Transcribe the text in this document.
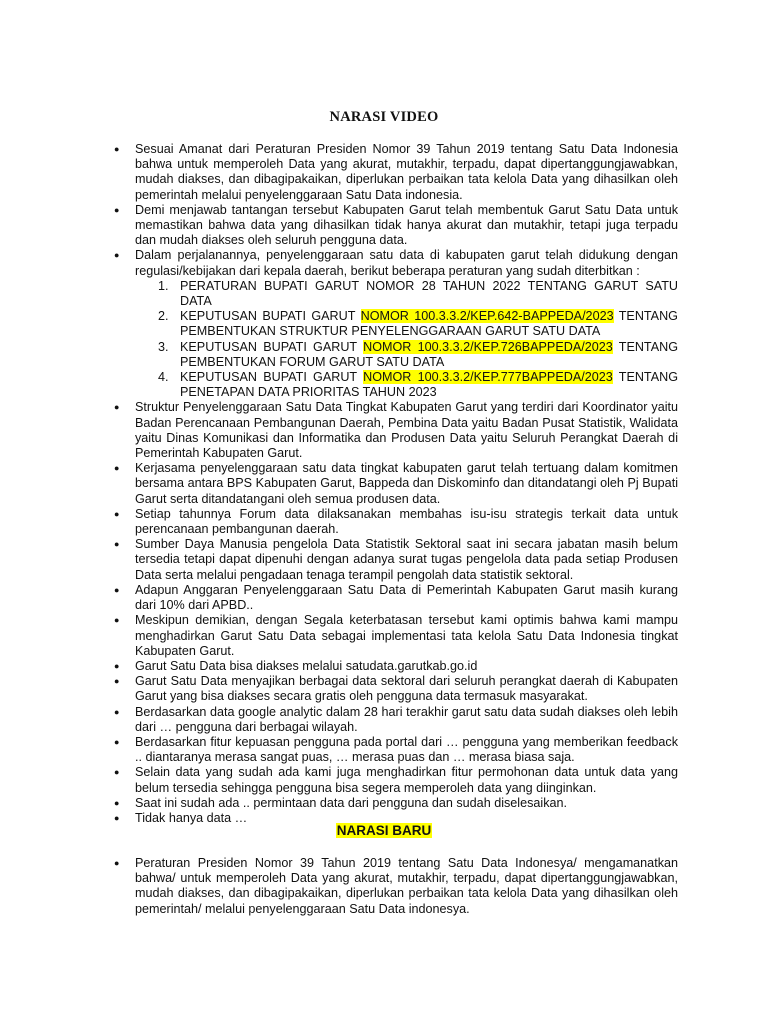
NARASI VIDEO
● Sesuai Amanat dari Peraturan Presiden Nomor 39 Tahun 2019 tentang Satu Data Indonesia bahwa untuk memperoleh Data yang akurat, mutakhir, terpadu, dapat dipertanggungjawabkan, mudah diakses, dan dibagipakaikan, diperlukan perbaikan tata kelola Data yang dihasilkan oleh pemerintah melalui penyelenggaraan Satu Data indonesia.
● Demi menjawab tantangan tersebut Kabupaten Garut telah membentuk Garut Satu Data untuk memastikan bahwa data yang dihasilkan tidak hanya akurat dan mutakhir, tetapi juga terpadu dan mudah diakses oleh seluruh pengguna data.
● Dalam perjalanannya, penyelenggaraan satu data di kabupaten garut telah didukung dengan regulasi/kebijakan dari kepala daerah, berikut beberapa peraturan yang sudah diterbitkan :
1. PERATURAN BUPATI GARUT NOMOR 28 TAHUN 2022 TENTANG GARUT SATU DATA
2. KEPUTUSAN BUPATI GARUT NOMOR 100.3.3.2/KEP.642-BAPPEDA/2023 TENTANG PEMBENTUKAN STRUKTUR PENYELENGGARAAN GARUT SATU DATA
3. KEPUTUSAN BUPATI GARUT NOMOR 100.3.3.2/KEP.726BAPPEDA/2023 TENTANG PEMBENTUKAN FORUM GARUT SATU DATA
4. KEPUTUSAN BUPATI GARUT NOMOR 100.3.3.2/KEP.777BAPPEDA/2023 TENTANG PENETAPAN DATA PRIORITAS TAHUN 2023
● Struktur Penyelenggaraan Satu Data Tingkat Kabupaten Garut yang terdiri dari Koordinator yaitu Badan Perencanaan Pembangunan Daerah, Pembina Data yaitu Badan Pusat Statistik, Walidata yaitu Dinas Komunikasi dan Informatika dan Produsen Data yaitu Seluruh Perangkat Daerah di Pemerintah Kabupaten Garut.
● Kerjasama penyelenggaraan satu data tingkat kabupaten garut telah tertuang dalam komitmen bersama antara BPS Kabupaten Garut, Bappeda dan Diskominfo dan ditandatangi oleh Pj Bupati Garut serta ditandatangani oleh semua produsen data.
● Setiap tahunnya Forum data dilaksanakan membahas isu-isu strategis terkait data untuk perencanaan pembangunan daerah.
● Sumber Daya Manusia pengelola Data Statistik Sektoral saat ini secara jabatan masih belum tersedia tetapi dapat dipenuhi dengan adanya surat tugas pengelola data pada setiap Produsen Data serta melalui pengadaan tenaga terampil pengolah data statistik sektoral.
● Adapun Anggaran Penyelenggaraan Satu Data di Pemerintah Kabupaten Garut masih kurang dari 10% dari APBD..
● Meskipun demikian, dengan Segala keterbatasan tersebut kami optimis bahwa kami mampu menghadirkan Garut Satu Data sebagai implementasi tata kelola Satu Data Indonesia tingkat Kabupaten Garut.
● Garut Satu Data bisa diakses melalui satudata.garutkab.go.id
● Garut Satu Data menyajikan berbagai data sektoral dari seluruh perangkat daerah di Kabupaten Garut yang bisa diakses secara gratis oleh pengguna data termasuk masyarakat.
● Berdasarkan data google analytic dalam 28 hari terakhir garut satu data sudah diakses oleh lebih dari … pengguna dari berbagai wilayah.
● Berdasarkan fitur kepuasan pengguna pada portal dari … pengguna yang memberikan feedback .. diantaranya merasa sangat puas, … merasa puas dan … merasa biasa saja.
● Selain data yang sudah ada kami juga menghadirkan fitur permohonan data untuk data yang belum tersedia sehingga pengguna bisa segera memperoleh data yang diinginkan.
● Saat ini sudah ada .. permintaan data dari pengguna dan sudah diselesaikan.
● Tidak hanya data …
NARASI BARU
● Peraturan Presiden Nomor 39 Tahun 2019 tentang Satu Data Indonesya/ mengamanatkan bahwa/ untuk memperoleh Data yang akurat, mutakhir, terpadu, dapat dipertanggungjawabkan, mudah diakses, dan dibagipakaikan, diperlukan perbaikan tata kelola Data yang dihasilkan oleh pemerintah/ melalui penyelenggaraan Satu Data indonesya.
